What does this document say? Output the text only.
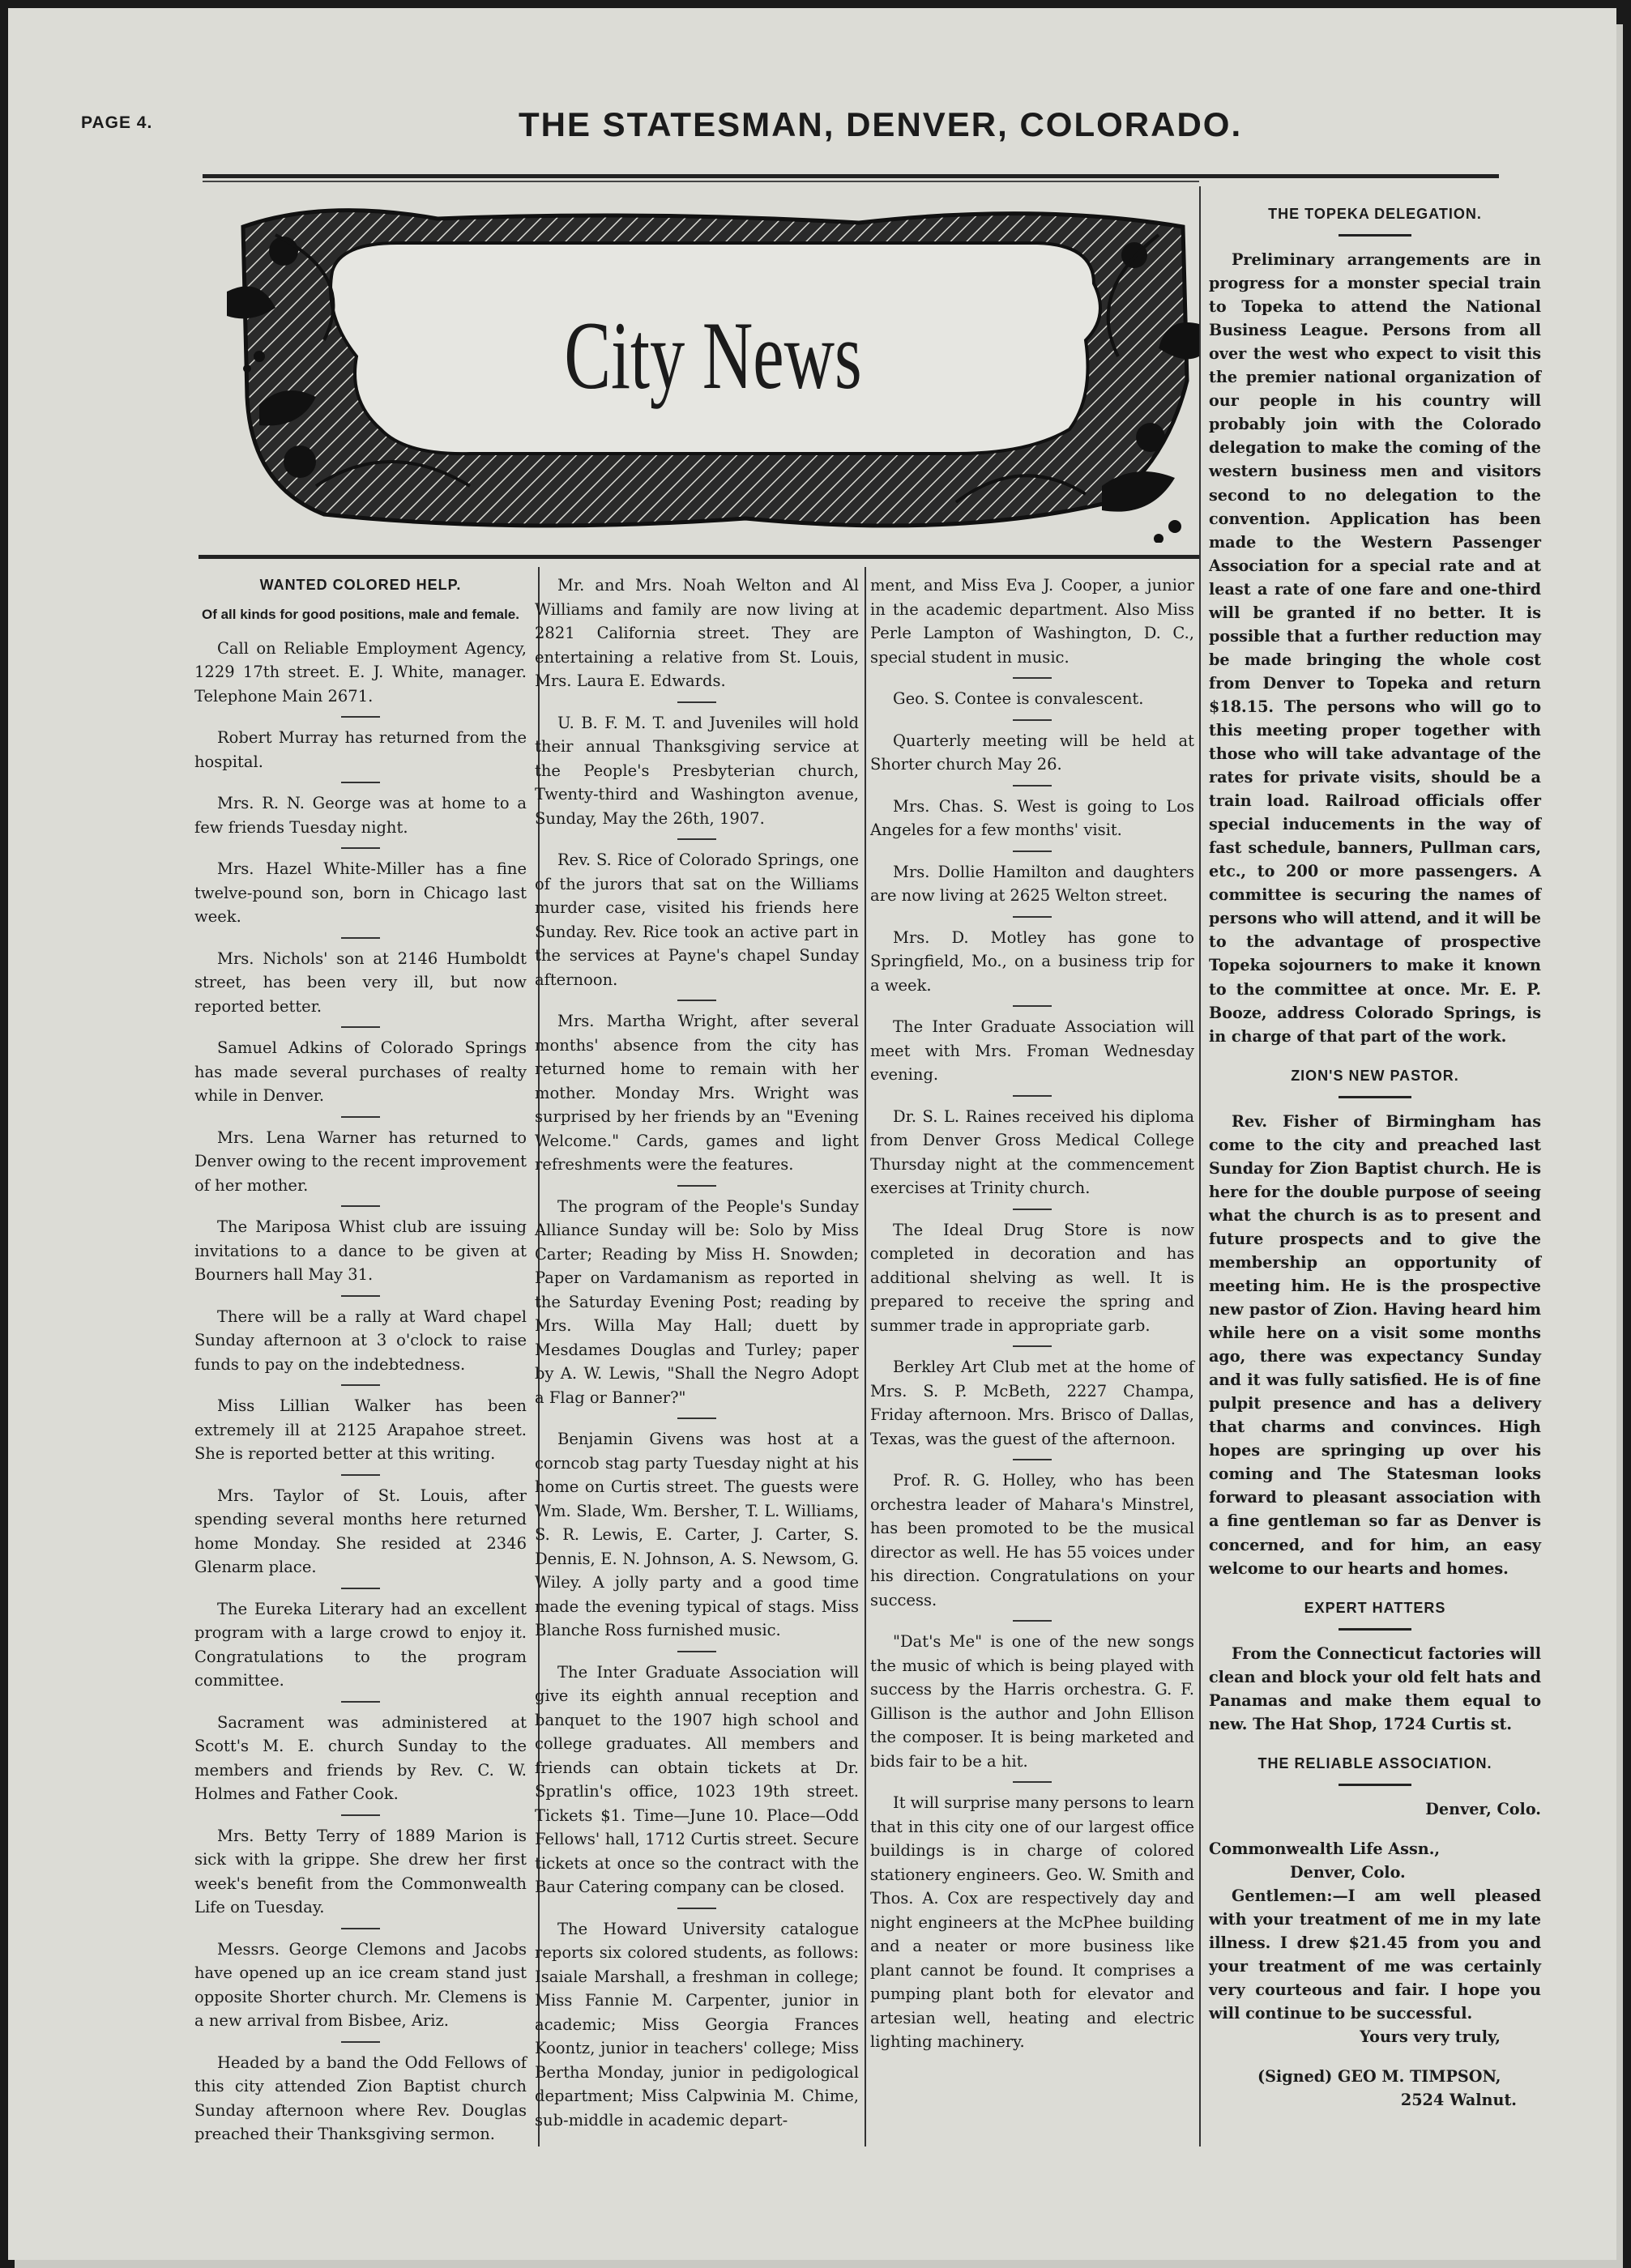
PAGE 4.	THE STATESMAN, DENVER, COLORADO.
City News
WANTED COLORED HELP.
Of all kinds for good positions, male and female.

Call on Reliable Employment Agency, 1229 17th street. E. J. White, manager. Telephone Main 2671.

Robert Murray has returned from the hospital.

Mrs. R. N. George was at home to a few friends Tuesday night.

Mrs. Hazel White-Miller has a fine twelve-pound son, born in Chicago last week.

Mrs. Nichols' son at 2146 Humboldt street, has been very ill, but now reported better.

Samuel Adkins of Colorado Springs has made several purchases of realty while in Denver.

Mrs. Lena Warner has returned to Denver owing to the recent improvement of her mother.

The Mariposa Whist club are issuing invitations to a dance to be given at Bourners hall May 31.

There will be a rally at Ward chapel Sunday afternoon at 3 o'clock to raise funds to pay on the indebtedness.

Miss Lillian Walker has been extremely ill at 2125 Arapahoe street. She is reported better at this writing.

Mrs. Taylor of St. Louis, after spending several months here returned home Monday. She resided at 2346 Glenarm place.

The Eureka Literary had an excellent program with a large crowd to enjoy it. Congratulations to the program committee.

Sacrament was administered at Scott's M. E. church Sunday to the members and friends by Rev. C. W. Holmes and Father Cook.

Mrs. Betty Terry of 1889 Marion is sick with la grippe. She drew her first week's benefit from the Commonwealth Life on Tuesday.

Messrs. George Clemons and Jacobs have opened up an ice cream stand just opposite Shorter church. Mr. Clemens is a new arrival from Bisbee, Ariz.

Headed by a band the Odd Fellows of this city attended Zion Baptist church Sunday afternoon where Rev. Douglas preached their Thanksgiving sermon.

Mr. and Mrs. Noah Welton and Al Williams and family are now living at 2821 California street. They are entertaining a relative from St. Louis, Mrs. Laura E. Edwards.

U. B. F. M. T. and Juveniles will hold their annual Thanksgiving service at the People's Presbyterian church, Twenty-third and Washington avenue, Sunday, May the 26th, 1907.

Rev. S. Rice of Colorado Springs, one of the jurors that sat on the Williams murder case, visited his friends here Sunday. Rev. Rice took an active part in the services at Payne's chapel Sunday afternoon.

Mrs. Martha Wright, after several months' absence from the city has returned home to remain with her mother. Monday Mrs. Wright was surprised by her friends by an "Evening Welcome." Cards, games and light refreshments were the features.

The program of the People's Sunday Alliance Sunday will be: Solo by Miss Carter; Reading by Miss H. Snowden; Paper on Vardamanism as reported in the Saturday Evening Post; reading by Mrs. Willa May Hall; duett by Mesdames Douglas and Turley; paper by A. W. Lewis, "Shall the Negro Adopt a Flag or Banner?"

Benjamin Givens was host at a corncob stag party Tuesday night at his home on Curtis street. The guests were Wm. Slade, Wm. Bersher, T. L. Williams, S. R. Lewis, E. Carter, J. Carter, S. Dennis, E. N. Johnson, A. S. Newsom, G. Wiley. A jolly party and a good time made the evening typical of stags. Miss Blanche Ross furnished music.

The Inter Graduate Association will give its eighth annual reception and banquet to the 1907 high school and college graduates. All members and friends can obtain tickets at Dr. Spratlin's office, 1023 19th street. Tickets $1. Time—June 10. Place—Odd Fellows' hall, 1712 Curtis street. Secure tickets at once so the contract with the Baur Catering company can be closed.

The Howard University catalogue reports six colored students, as follows: Isaiale Marshall, a freshman in college; Miss Fannie M. Carpenter, junior in academic; Miss Georgia Frances Koontz, junior in teachers' college; Miss Bertha Monday, junior in pedigological department; Miss Calpwinia M. Chime, sub-middle in academic depart-

ment, and Miss Eva J. Cooper, a junior in the academic department. Also Miss Perle Lampton of Washington, D. C., special student in music.

Geo. S. Contee is convalescent.

Quarterly meeting will be held at Shorter church May 26.

Mrs. Chas. S. West is going to Los Angeles for a few months' visit.

Mrs. Dollie Hamilton and daughters are now living at 2625 Welton street.

Mrs. D. Motley has gone to Springfield, Mo., on a business trip for a week.

The Inter Graduate Association will meet with Mrs. Froman Wednesday evening.

Dr. S. L. Raines received his diploma from Denver Gross Medical College Thursday night at the commencement exercises at Trinity church.

The Ideal Drug Store is now completed in decoration and has additional shelving as well. It is prepared to receive the spring and summer trade in appropriate garb.

Berkley Art Club met at the home of Mrs. S. P. McBeth, 2227 Champa, Friday afternoon. Mrs. Brisco of Dallas, Texas, was the guest of the afternoon.

Prof. R. G. Holley, who has been orchestra leader of Mahara's Minstrel, has been promoted to be the musical director as well. He has 55 voices under his direction. Congratulations on your success.

"Dat's Me" is one of the new songs the music of which is being played with success by the Harris orchestra. G. F. Gillison is the author and John Ellison the composer. It is being marketed and bids fair to be a hit.

It will surprise many persons to learn that in this city one of our largest office buildings is in charge of colored stationery engineers. Geo. W. Smith and Thos. A. Cox are respectively day and night engineers at the McPhee building and a neater or more business like plant cannot be found. It comprises a pumping plant both for elevator and artesian well, heating and electric lighting machinery.

THE TOPEKA DELEGATION.

Preliminary arrangements are in progress for a monster special train to Topeka to attend the National Business League. Persons from all over the west who expect to visit this the premier national organization of our people in his country will probably join with the Colorado delegation to make the coming of the western business men and visitors second to no delegation to the convention. Application has been made to the Western Passenger Association for a special rate and at least a rate of one fare and one-third will be granted if no better. It is possible that a further reduction may be made bringing the whole cost from Denver to Topeka and return $18.15. The persons who will go to this meeting proper together with those who will take advantage of the rates for private visits, should be a train load. Railroad officials offer special inducements in the way of fast schedule, banners, Pullman cars, etc., to 200 or more passengers. A committee is securing the names of persons who will attend, and it will be to the advantage of prospective Topeka sojourners to make it known to the committee at once. Mr. E. P. Booze, address Colorado Springs, is in charge of that part of the work.

ZION'S NEW PASTOR.

Rev. Fisher of Birmingham has come to the city and preached last Sunday for Zion Baptist church. He is here for the double purpose of seeing what the church is as to present and future prospects and to give the membership an opportunity of meeting him. He is the prospective new pastor of Zion. Having heard him while here on a visit some months ago, there was expectancy Sunday and it was fully satisfied. He is of fine pulpit presence and has a delivery that charms and convinces. High hopes are springing up over his coming and The Statesman looks forward to pleasant association with a fine gentleman so far as Denver is concerned, and for him, an easy welcome to our hearts and homes.

EXPERT HATTERS

From the Connecticut factories will clean and block your old felt hats and Panamas and make them equal to new. The Hat Shop, 1724 Curtis st.

THE RELIABLE ASSOCIATION.

Denver, Colo.

Commonwealth Life Assn.,

Denver, Colo.

Gentlemen:—I am well pleased with your treatment of me in my late illness. I drew $21.45 from you and your treatment of me was certainly very courteous and fair. I hope you will continue to be successful.

Yours very truly,

(Signed) GEO M. TIMPSON,

2524 Walnut.
